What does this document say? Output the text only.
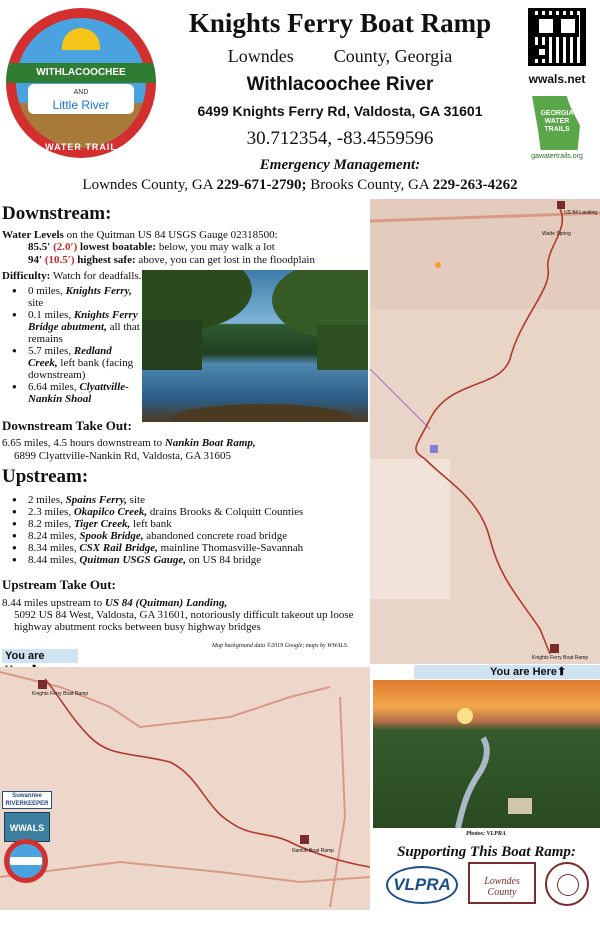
WITHLACOOCHEE
AND
Little River
WATER TRAIL
Knights Ferry Boat Ramp
Lowndes County, Georgia
Withlacoochee River
6499 Knights Ferry Rd, Valdosta, GA 31601
30.712354, -83.4559596
Emergency Management:
Lowndes County, GA 229-671-2790; Brooks County, GA 229-263-4262
wwals.net
GEORGIA WATER TRAILS
gawatertrails.org
Downstream:
Water Levels on the Quitman US 84 USGS Gauge 02318500:
85.5′ (2.0′) lowest boatable: below, you may walk a lot
94′ (10.5′) highest safe: above, you can get lost in the floodplain
Difficulty: Watch for deadfalls.
● 0 miles, Knights Ferry, site
● 0.1 miles, Knights Ferry Bridge abutment, all that remains
● 5.7 miles, Redland Creek, left bank (facing downstream)
● 6.64 miles, Clyattville-Nankin Shoal
Downstream Take Out:
6.65 miles, 4.5 hours downstream to Nankin Boat Ramp,
6899 Clyattville-Nankin Rd, Valdosta, GA 31605
Upstream:
● 2 miles, Spains Ferry, site
● 2.3 miles, Okapilco Creek, drains Brooks & Colquitt Counties
● 8.2 miles, Tiger Creek, left bank
● 8.24 miles, Spook Bridge, abandoned concrete road bridge
● 8.34 miles, CSX Rail Bridge, mainline Thomasville-Savannah
● 8.44 miles, Quitman USGS Gauge, on US 84 bridge
Upstream Take Out:
8.44 miles upstream to US 84 (Quitman) Landing,
5092 US 84 West, Valdosta, GA 31601, notoriously difficult takeout up loose highway abutment rocks between busy highway bridges
Map background data ©2019 Google; maps by WWALS.
US 84 Landing
Wade Spring
Knights Ferry Boat Ramp
You are
You are Here⬆
Knights Ferry Boat Ramp
Nankin Boat Ramp
Suwannee RIVERKEEPER
WWALS
Photos: VLPRA
Supporting This Boat Ramp:
VLPRA	Lowndes County
